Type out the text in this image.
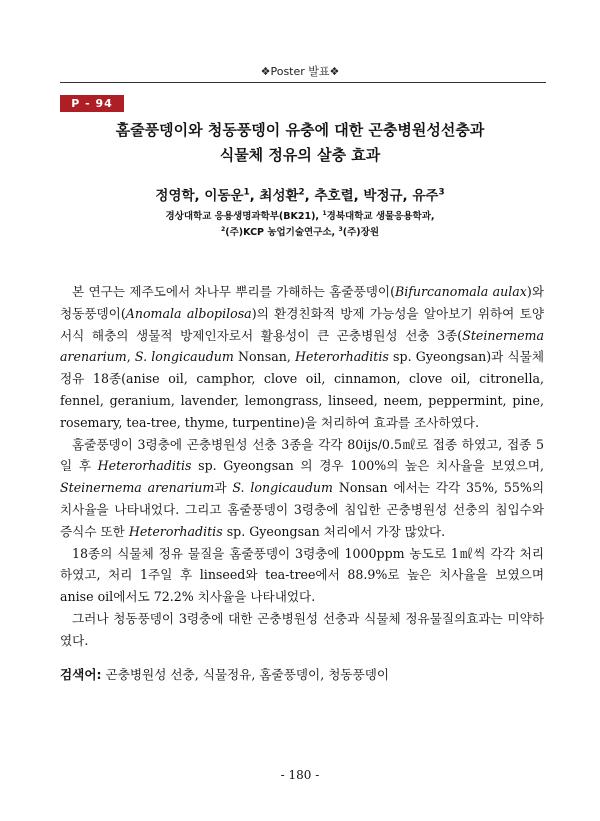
❖Poster 발표❖
P - 94
홈줄풍뎅이와 청동풍뎅이 유충에 대한 곤충병원성선충과
식물체 정유의 살충 효과
정영학, 이동운$^1$, 최성환$^2$, 추호렬, 박정규, 유주$^3$
경상대학교 응용생명과학부(BK21), $^1$경북대학교 생물응용학과,
$^2$(주)KCP 농업기술연구소, $^3$(주)장원

본 연구는 제주도에서 차나무 뿌리를 가해하는 홈줄풍뎅이(Bifurcanomala aulax)와 청동풍뎅이(Anomala albopilosa)의 환경친화적 방제 가능성을 알아보기 위하여 토양 서식 해충의 생물적 방제인자로서 활용성이 큰 곤충병원성 선충 3종(Steinernema arenarium, S. longicaudum Nonsan, Heterorhaditis sp. Gyeongsan)과 식물체 정유 18종(anise oil, camphor, clove oil, cinnamon, clove oil, citronella, fennel, geranium, lavender, lemongrass, linseed, neem, peppermint, pine, rosemary, tea-tree, thyme, turpentine)을 처리하여 효과를 조사하였다.

홈줄풍뎅이 3령충에 곤충병원성 선충 3종을 각각 80ijs/0.5㎖로 접종 하였고, 접종 5일 후 Heterorhaditis sp. Gyeongsan 의 경우 100%의 높은 치사율을 보였으며, Steinernema arenarium과 S. longicaudum Nonsan 에서는 각각 35%, 55%의 치사율을 나타내었다. 그리고 홈줄풍뎅이 3령충에 침입한 곤충병원성 선충의 침입수와 증식수 또한 Heterorhaditis sp. Gyeongsan 처리에서 가장 많았다.

18종의 식물체 정유 물질을 홈줄풍뎅이 3령충에 1000ppm 농도로 1㎖씩 각각 처리 하였고, 처리 1주일 후 linseed와 tea-tree에서 88.9%로 높은 치사율을 보였으며 anise oil에서도 72.2% 치사율을 나타내었다.

그러나 청동풍뎅이 3령충에 대한 곤충병원성 선충과 식물체 정유물질의효과는 미약하였다.

검색어: 곤충병원성 선충, 식물정유, 홈줄풍뎅이, 청동풍뎅이
- 180 -
